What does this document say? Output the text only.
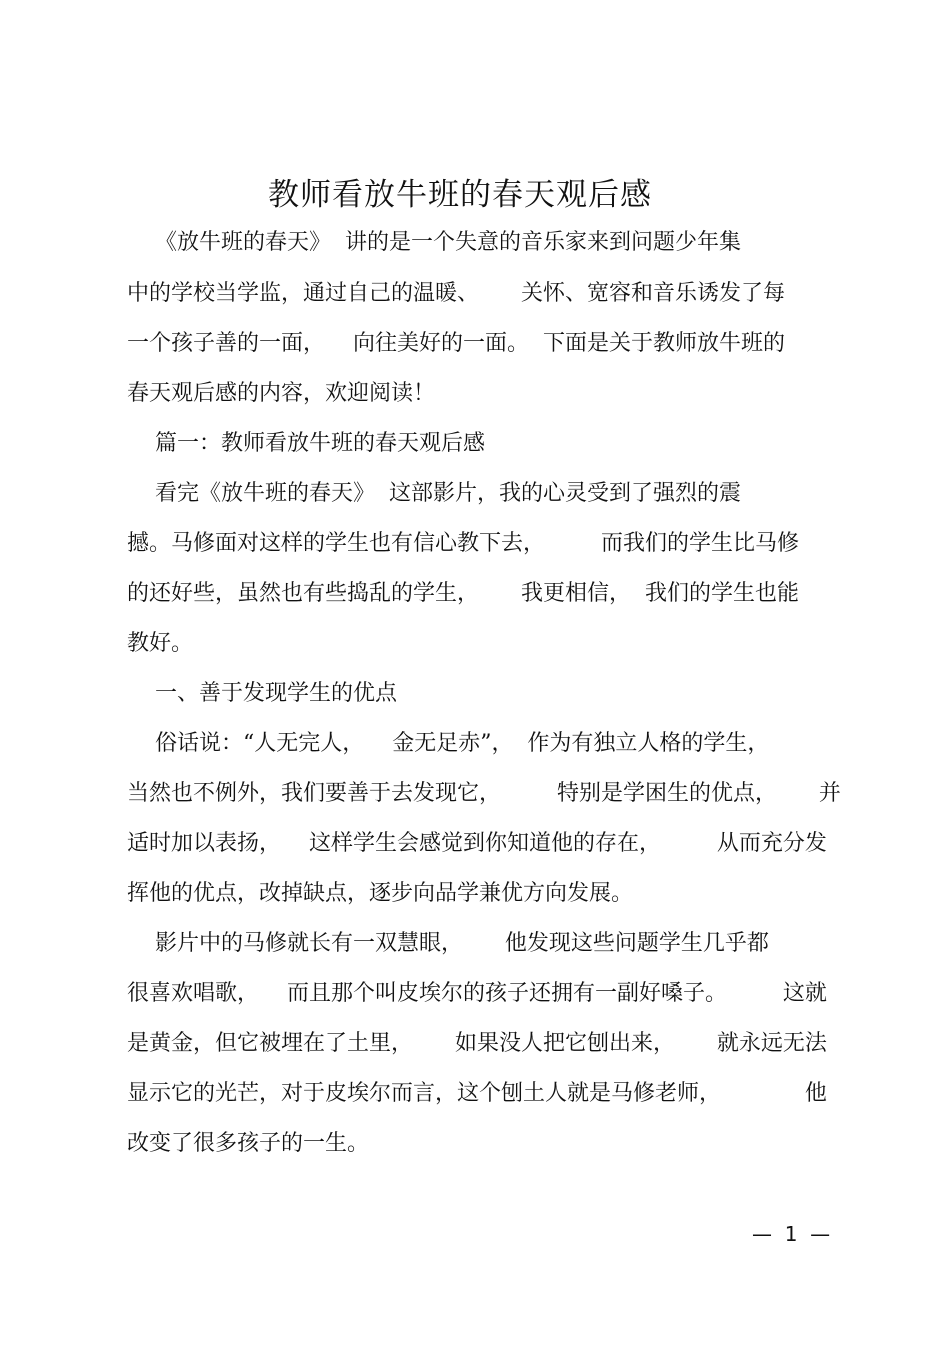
教师看放牛班的春天观后感

《放牛班的春天》  讲的是一个失意的音乐家来到问题少年集

中的学校当学监，通过自己的温暖、      关怀、宽容和音乐诱发了每

一个孩子善的一面，    向往美好的一面。  下面是关于教师放牛班的

春天观后感的内容，欢迎阅读！

篇一：教师看放牛班的春天观后感

看完《放牛班的春天》  这部影片，我的心灵受到了强烈的震

撼。马修面对这样的学生也有信心教下去，        而我们的学生比马修

的还好些，虽然也有些捣乱的学生，      我更相信，  我们的学生也能

教好。

一、善于发现学生的优点

俗话说：“人无完人，    金无足赤”，  作为有独立人格的学生，

当然也不例外，我们要善于去发现它，        特别是学困生的优点，      并

适时加以表扬，    这样学生会感觉到你知道他的存在，        从而充分发

挥他的优点，改掉缺点，逐步向品学兼优方向发展。

影片中的马修就长有一双慧眼，      他发现这些问题学生几乎都

很喜欢唱歌，    而且那个叫皮埃尔的孩子还拥有一副好嗓子。        这就

是黄金，但它被埋在了土里，      如果没人把它刨出来，      就永远无法

显示它的光芒，对于皮埃尔而言，这个刨土人就是马修老师，            他

改变了很多孩子的一生。

—  1  —
